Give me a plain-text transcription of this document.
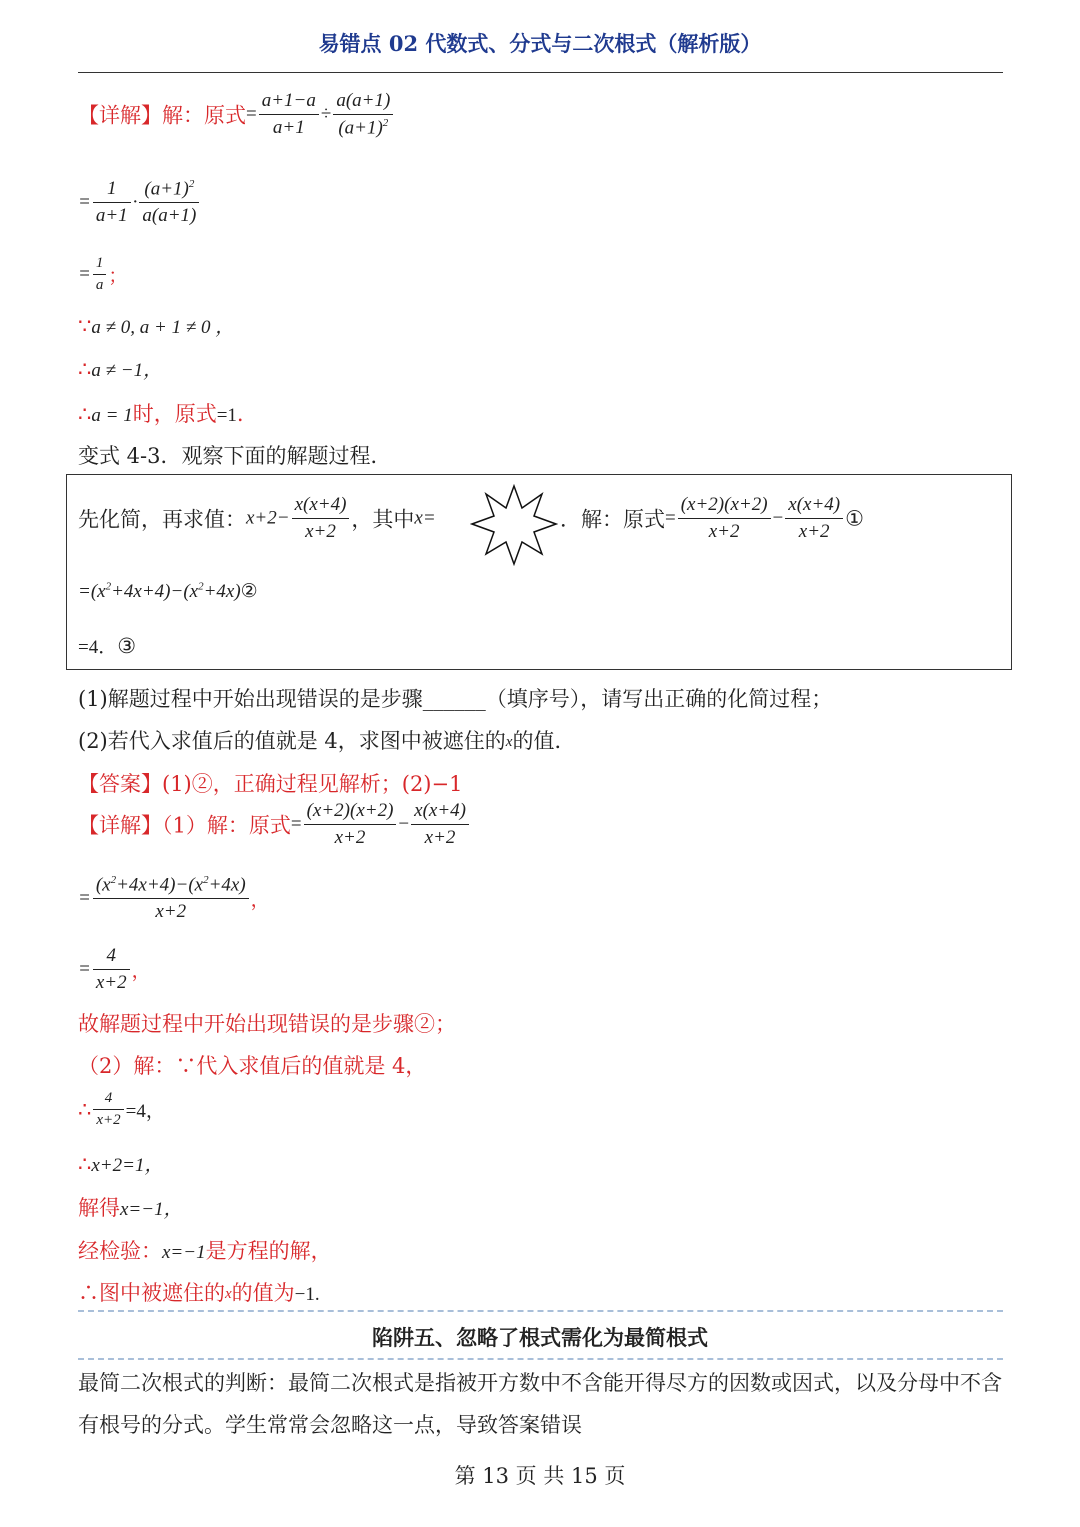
易错点 02 代数式、分式与二次根式（解析版）
【详解】解：原式= $\frac{a+1-a}{a+1} \div \frac{a(a+1)}{(a+1)^2}$
= $\frac{1}{a+1} \cdot \frac{(a+1)^2}{a(a+1)}$
= $\frac{1}{a}$ ；
∵a ≠ 0, a + 1 ≠ 0 ，
∴a ≠ −1，
∴a = 1时，原式=1.
变式 4-3．观察下面的解题过程．
先化简，再求值：$x+2- \frac{x(x+4)}{x+2}$ ，其中x=	．解：原式= $\frac{(x+2)(x+2)}{x+2} - \frac{x(x+4)}{x+2}$ ①
$=(x^2+4x+4)-(x^2+4x)②$
=4．③
(1)解题过程中开始出现错误的是步骤______（填序号），请写出正确的化简过程；
(2)若代入求值后的值就是 4，求图中被遮住的x的值．
【答案】(1)②，正确过程见解析；(2)−1
【详解】（1）解：原式= $\frac{(x+2)(x+2)}{x+2} - \frac{x(x+4)}{x+2}$
= $\frac{(x^2+4x+4)-(x^2+4x)}{x+2}$ ，
= $\frac{4}{x+2}$ ，
故解题过程中开始出现错误的是步骤②；
（2）解：∵代入求值后的值就是 4，
∴ $\frac{4}{x+2} =4$，
∴x+2=1，
解得x=−1，
经检验：x=−1是方程的解，
∴图中被遮住的x的值为−1.
陷阱五、忽略了根式需化为最简根式
最简二次根式的判断：最简二次根式是指被开方数中不含能开得尽方的因数或因式，以及分母中不含有根号的分式。学生常常会忽略这一点，导致答案错误
第 13 页 共 15 页
